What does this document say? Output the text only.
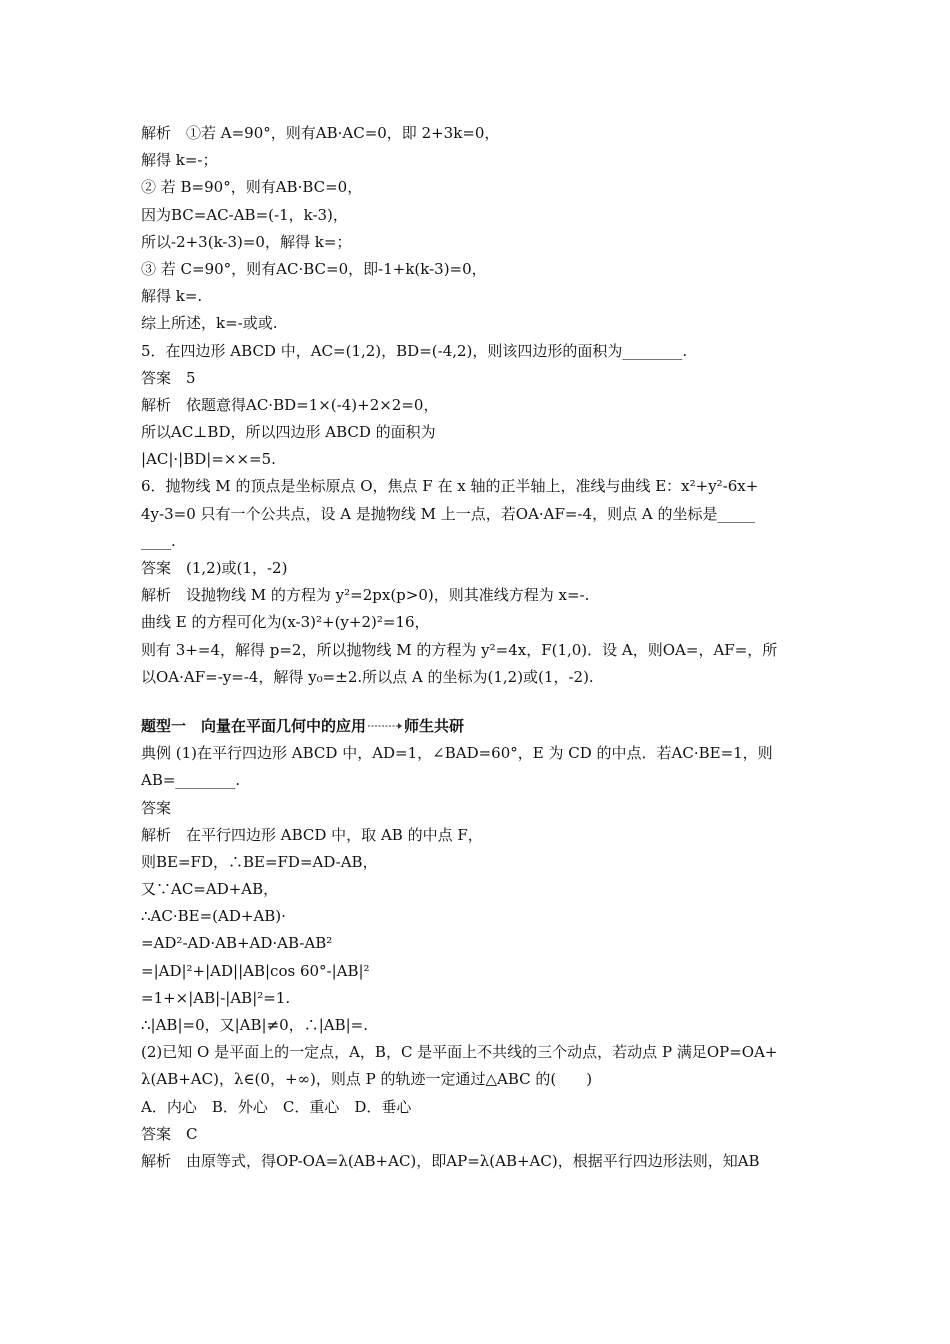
解析　①若 A=90°，则有AB·AC=0，即 2+3k=0，
解得 k=-；
② 若 B=90°，则有AB·BC=0，
因为BC=AC-AB=(-1，k-3)，
所以-2+3(k-3)=0，解得 k=；
③ 若 C=90°，则有AC·BC=0，即-1+k(k-3)=0，
解得 k=.
综上所述，k=-或或.
5．在四边形 ABCD 中，AC=(1,2)，BD=(-4,2)，则该四边形的面积为________.
答案　5
解析　依题意得AC·BD=1×(-4)+2×2=0，
所以AC⊥BD，所以四边形 ABCD 的面积为
|AC|·|BD|=××=5.
6．抛物线 M 的顶点是坐标原点 O，焦点 F 在 x 轴的正半轴上，准线与曲线 E：x²+y²-6x+
4y-3=0 只有一个公共点，设 A 是抛物线 M 上一点，若OA·AF=-4，则点 A 的坐标是_____
____.
答案　(1,2)或(1，-2)
解析　设抛物线 M 的方程为 y²=2px(p>0)，则其准线方程为 x=-.
曲线 E 的方程可化为(x-3)²+(y+2)²=16，
则有 3+=4，解得 p=2，所以抛物线 M 的方程为 y²=4x，F(1,0)．设 A，则OA=，AF=，所
以OA·AF=-y=-4，解得 y₀=±2.所以点 A 的坐标为(1,2)或(1，-2).
题型一　向量在平面几何中的应用	师生共研
典例 (1)在平行四边形 ABCD 中，AD=1，∠BAD=60°，E 为 CD 的中点．若AC·BE=1，则
AB=________.
答案
解析　在平行四边形 ABCD 中，取 AB 的中点 F，
则BE=FD，∴BE=FD=AD-AB，
又∵AC=AD+AB，
∴AC·BE=(AD+AB)·
=AD²-AD·AB+AD·AB-AB²
=|AD|²+|AD||AB|cos 60°-|AB|²
=1+×|AB|-|AB|²=1.
∴|AB|=0，又|AB|≠0，∴|AB|=.
(2)已知 O 是平面上的一定点，A，B，C 是平面上不共线的三个动点，若动点 P 满足OP=OA+
λ(AB+AC)，λ∈(0，+∞)，则点 P 的轨迹一定通过△ABC 的(　　)
A．内心　B．外心　C．重心　D．垂心
答案　C
解析　由原等式，得OP-OA=λ(AB+AC)，即AP=λ(AB+AC)，根据平行四边形法则，知AB
